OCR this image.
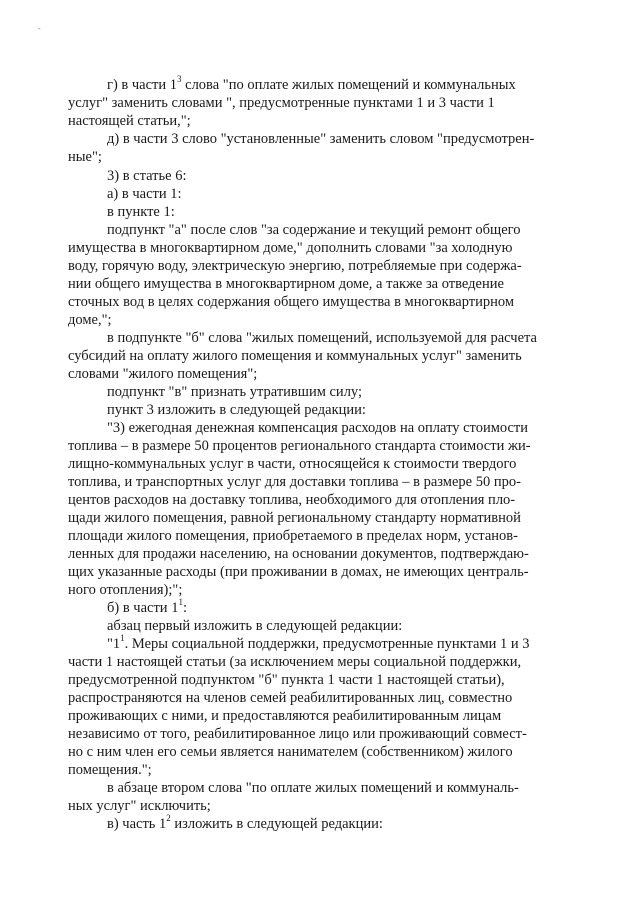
-
г) в части $1^3$ слова "по оплате жилых помещений и коммунальных
услуг" заменить словами ", предусмотренные пунктами 1 и 3 части 1
настоящей статьи,";
д) в части 3 слово "установленные" заменить словом "предусмотрен-
ные";
3) в статье 6:
а) в части 1:
в пункте 1:
подпункт "а" после слов "за содержание и текущий ремонт общего
имущества в многоквартирном доме," дополнить словами "за холодную
воду, горячую воду, электрическую энергию, потребляемые при содержа-
нии общего имущества в многоквартирном доме, а также за отведение
сточных вод в целях содержания общего имущества в многоквартирном
доме,";
в подпункте "б" слова "жилых помещений, используемой для расчета
субсидий на оплату жилого помещения и коммунальных услуг" заменить
словами "жилого помещения";
подпункт "в" признать утратившим силу;
пункт 3 изложить в следующей редакции:
"3) ежегодная денежная компенсация расходов на оплату стоимости
топлива – в размере 50 процентов регионального стандарта стоимости жи-
лищно-коммунальных услуг в части, относящейся к стоимости твердого
топлива, и транспортных услуг для доставки топлива – в размере 50 про-
центов расходов на доставку топлива, необходимого для отопления пло-
щади жилого помещения, равной региональному стандарту нормативной
площади жилого помещения, приобретаемого в пределах норм, установ-
ленных для продажи населению, на основании документов, подтверждаю-
щих указанные расходы (при проживании в домах, не имеющих централь-
ного отопления);";
б) в части $1^1$:
абзац первый изложить в следующей редакции:
"$1^1$. Меры социальной поддержки, предусмотренные пунктами 1 и 3
части 1 настоящей статьи (за исключением меры социальной поддержки,
предусмотренной подпунктом "б" пункта 1 части 1 настоящей статьи),
распространяются на членов семей реабилитированных лиц, совместно
проживающих с ними, и предоставляются реабилитированным лицам
независимо от того, реабилитированное лицо или проживающий совмест-
но с ним член его семьи является нанимателем (собственником) жилого
помещения.";
в абзаце втором слова "по оплате жилых помещений и коммуналь-
ных услуг" исключить;
в) часть $1^2$ изложить в следующей редакции:
